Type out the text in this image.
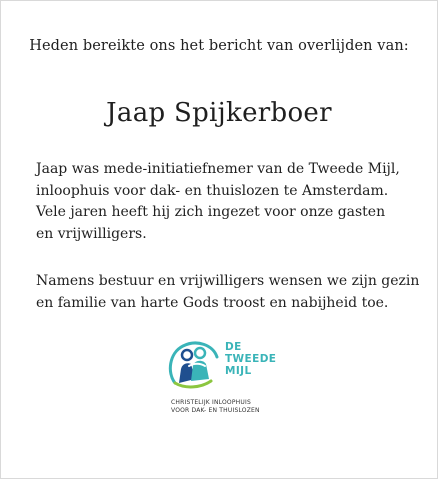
Heden bereikte ons het bericht van overlijden van:
Jaap Spijkerboer
Jaap was mede-initiatiefnemer van de Tweede Mijl,
inloophuis voor dak- en thuislozen te Amsterdam.
Vele jaren heeft hij zich ingezet voor onze gasten
en vrijwilligers.
Namens bestuur en vrijwilligers wensen we zijn gezin
en familie van harte Gods troost en nabijheid toe.
DE
TWEEDE
MIJL
CHRISTELIJK INLOOPHUIS
VOOR DAK- EN THUISLOZEN
